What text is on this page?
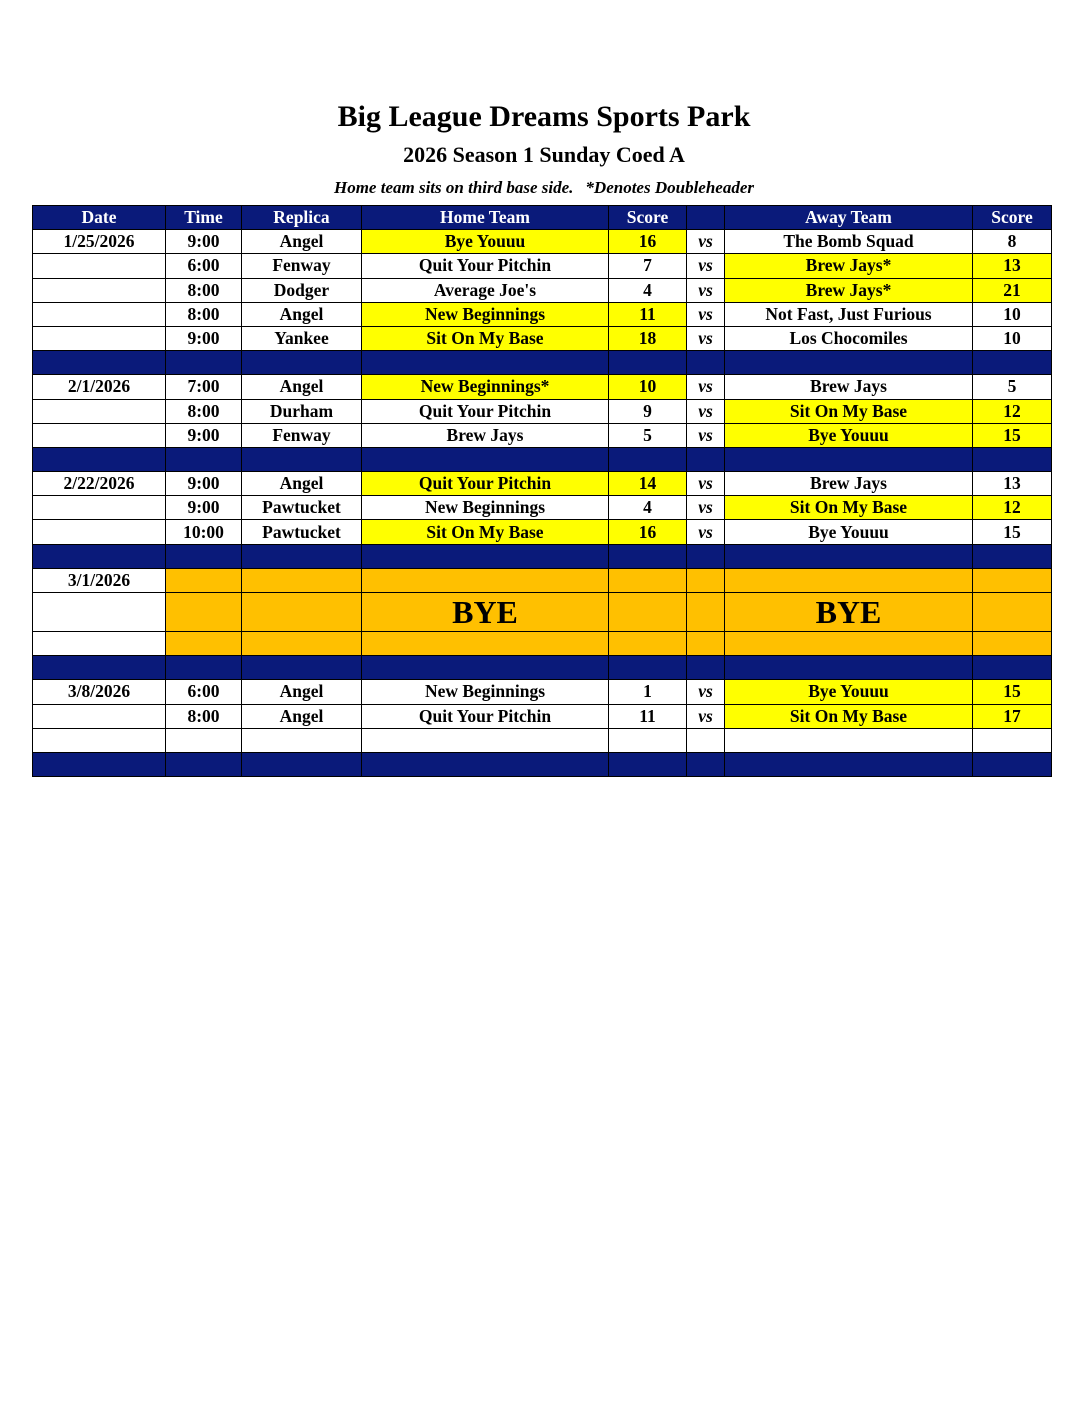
Big League Dreams Sports Park
2026 Season 1 Sunday Coed A
Home team sits on third base side. *Denotes Doubleheader
Date	Time	Replica	Home Team	Score		Away Team	Score
1/25/2026	9:00	Angel	Bye Youuu	16	vs	The Bomb Squad	8
	6:00	Fenway	Quit Your Pitchin	7	vs	Brew Jays*	13
	8:00	Dodger	Average Joe's	4	vs	Brew Jays*	21
	8:00	Angel	New Beginnings	11	vs	Not Fast, Just Furious	10
	9:00	Yankee	Sit On My Base	18	vs	Los Chocomiles	10

2/1/2026	7:00	Angel	New Beginnings*	10	vs	Brew Jays	5
	8:00	Durham	Quit Your Pitchin	9	vs	Sit On My Base	12
	9:00	Fenway	Brew Jays	5	vs	Bye Youuu	15

2/22/2026	9:00	Angel	Quit Your Pitchin	14	vs	Brew Jays	13
	9:00	Pawtucket	New Beginnings	4	vs	Sit On My Base	12
	10:00	Pawtucket	Sit On My Base	16	vs	Bye Youuu	15

3/1/2026							
			BYE			BYE	

3/8/2026	6:00	Angel	New Beginnings	1	vs	Bye Youuu	15
	8:00	Angel	Quit Your Pitchin	11	vs	Sit On My Base	17
